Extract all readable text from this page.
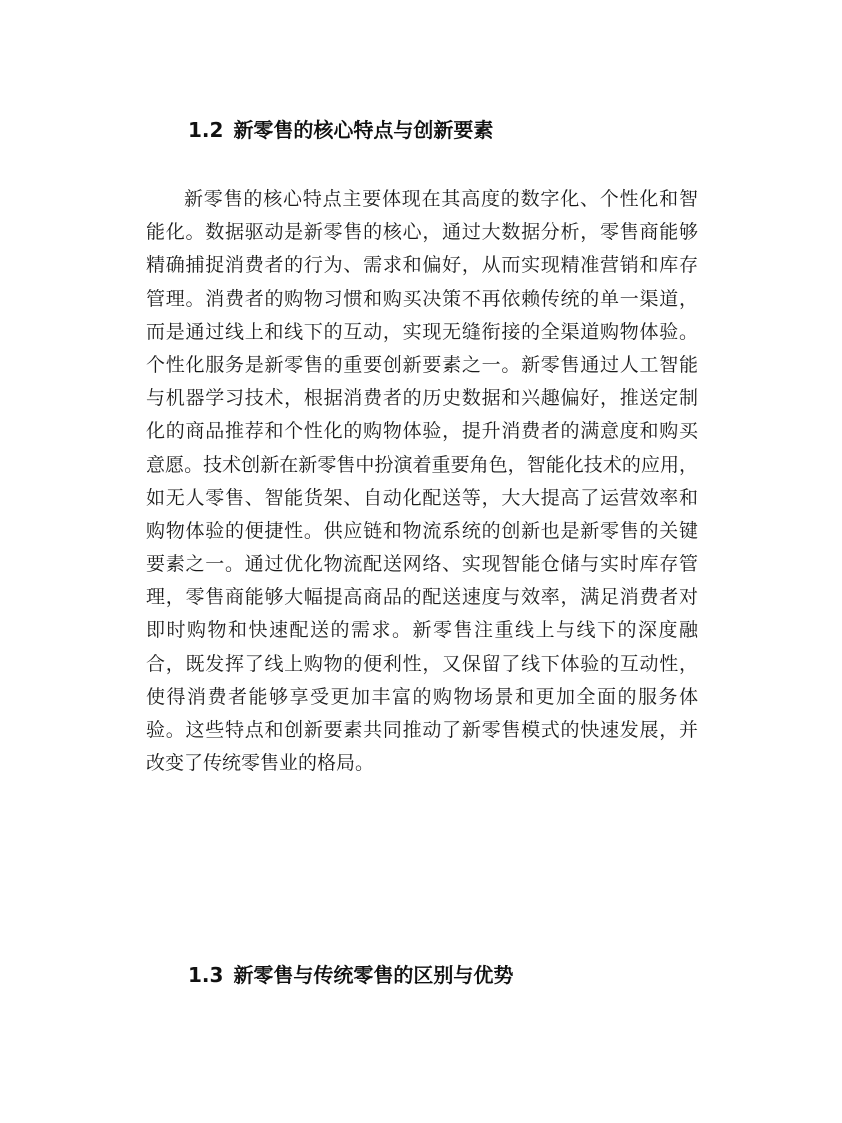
1.2 新零售的核心特点与创新要素
新零售的核心特点主要体现在其高度的数字化、个性化和智
能化。数据驱动是新零售的核心，通过大数据分析，零售商能够
精确捕捉消费者的行为、需求和偏好，从而实现精准营销和库存
管理。消费者的购物习惯和购买决策不再依赖传统的单一渠道，
而是通过线上和线下的互动，实现无缝衔接的全渠道购物体验。
个性化服务是新零售的重要创新要素之一。新零售通过人工智能
与机器学习技术，根据消费者的历史数据和兴趣偏好，推送定制
化的商品推荐和个性化的购物体验，提升消费者的满意度和购买
意愿。技术创新在新零售中扮演着重要角色，智能化技术的应用，
如无人零售、智能货架、自动化配送等，大大提高了运营效率和
购物体验的便捷性。供应链和物流系统的创新也是新零售的关键
要素之一。通过优化物流配送网络、实现智能仓储与实时库存管
理，零售商能够大幅提高商品的配送速度与效率，满足消费者对
即时购物和快速配送的需求。新零售注重线上与线下的深度融
合，既发挥了线上购物的便利性，又保留了线下体验的互动性，
使得消费者能够享受更加丰富的购物场景和更加全面的服务体
验。这些特点和创新要素共同推动了新零售模式的快速发展，并
改变了传统零售业的格局。
1.3 新零售与传统零售的区别与优势
